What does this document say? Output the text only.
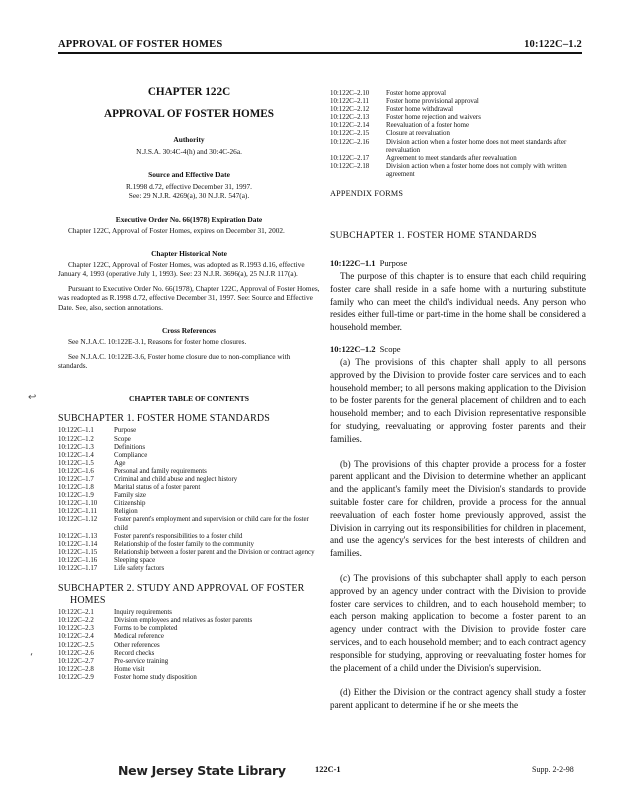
APPROVAL OF FOSTER HOMES	10:122C–1.2
CHAPTER 122C
APPROVAL OF FOSTER HOMES
Authority
N.J.S.A. 30:4C-4(h) and 30:4C-26a.
Source and Effective Date
R.1998 d.72, effective December 31, 1997.
See: 29 N.J.R. 4269(a), 30 N.J.R. 547(a).
Executive Order No. 66(1978) Expiration Date
Chapter 122C, Approval of Foster Homes, expires on December 31, 2002.
Chapter Historical Note
Chapter 122C, Approval of Foster Homes, was adopted as R.1993 d.16, effective January 4, 1993 (operative July 1, 1993). See: 23 N.J.R. 3696(a), 25 N.J.R 117(a).
Pursuant to Executive Order No. 66(1978), Chapter 122C, Approval of Foster Homes, was readopted as R.1998 d.72, effective December 31, 1997. See: Source and Effective Date. See, also, section annotations.
Cross References
See N.J.A.C. 10:122E-3.1, Reasons for foster home closures.
See N.J.A.C. 10:122E-3.6, Foster home closure due to non-compliance with standards.
CHAPTER TABLE OF CONTENTS
SUBCHAPTER 1. FOSTER HOME STANDARDS
10:122C–1.1	Purpose
10:122C–1.2	Scope
10:122C–1.3	Definitions
10:122C–1.4	Compliance
10:122C–1.5	Age
10:122C–1.6	Personal and family requirements
10:122C–1.7	Criminal and child abuse and neglect history
10:122C–1.8	Marital status of a foster parent
10:122C–1.9	Family size
10:122C–1.10	Citizenship
10:122C–1.11	Religion
10:122C–1.12	Foster parent's employment and supervision or child care for the foster child
10:122C–1.13	Foster parent's responsibilities to a foster child
10:122C–1.14	Relationship of the foster family to the community
10:122C–1.15	Relationship between a foster parent and the Division or contract agency
10:122C–1.16	Sleeping space
10:122C–1.17	Life safety factors
SUBCHAPTER 2. STUDY AND APPROVAL OF FOSTER
HOMES
10:122C–2.1	Inquiry requirements
10:122C–2.2	Division employees and relatives as foster parents
10:122C–2.3	Forms to be completed
10:122C–2.4	Medical reference
10:122C–2.5	Other references
10:122C–2.6	Record checks
10:122C–2.7	Pre-service training
10:122C–2.8	Home visit
10:122C–2.9	Foster home study disposition
10:122C–2.10	Foster home approval
10:122C–2.11	Foster home provisional approval
10:122C–2.12	Foster home withdrawal
10:122C–2.13	Foster home rejection and waivers
10:122C–2.14	Reevaluation of a foster home
10:122C–2.15	Closure at reevaluation
10:122C–2.16	Division action when a foster home does not meet standards after reevaluation
10:122C–2.17	Agreement to meet standards after reevaluation
10:122C–2.18	Division action when a foster home does not comply with written agreement
APPENDIX FORMS
SUBCHAPTER 1. FOSTER HOME STANDARDS
10:122C–1.1 Purpose
The purpose of this chapter is to ensure that each child requiring foster care shall reside in a safe home with a nurturing substitute family who can meet the child's individual needs. Any person who resides either full-time or part-time in the home shall be considered a household member.
10:122C–1.2 Scope
(a) The provisions of this chapter shall apply to all persons approved by the Division to provide foster care services and to each household member; to all persons making application to the Division to be foster parents for the general placement of children and to each household member; and to each Division representative responsible for studying, reevaluating or approving foster parents and their families.
(b) The provisions of this chapter provide a process for a foster parent applicant and the Division to determine whether an applicant and the applicant's family meet the Division's standards to provide suitable foster care for children, provide a process for the annual reevaluation of each foster home previously approved, assist the Division in carrying out its responsibilities for children in placement, and use the agency's services for the best interests of children and families.
(c) The provisions of this subchapter shall apply to each person approved by an agency under contract with the Division to provide foster care services to children, and to each household member; to each person making application to become a foster parent to an agency under contract with the Division to provide foster care services, and to each household member; and to each contract agency responsible for studying, approving or reevaluating foster homes for the placement of a child under the Division's supervision.
(d) Either the Division or the contract agency shall study a foster parent applicant to determine if he or she meets the
↩
‘
New Jersey State Library	122C-1	Supp. 2-2-98
